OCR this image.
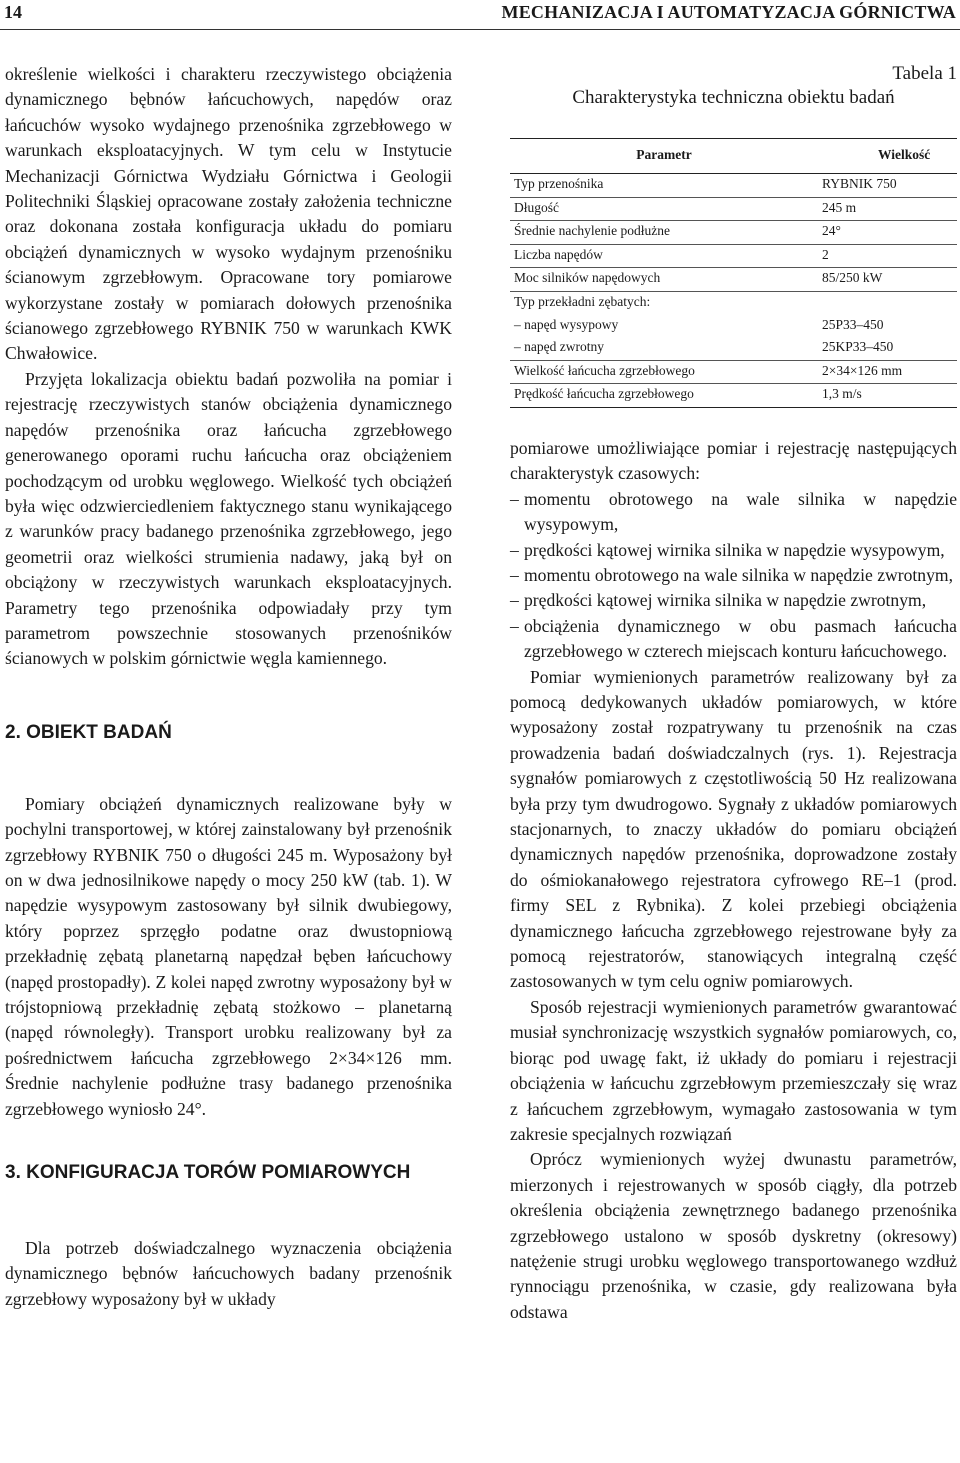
14	MECHANIZACJA I AUTOMATYZACJA GÓRNICTWA

określenie wielkości i charakteru rzeczywistego obciążenia dynamicznego bębnów łańcuchowych, napędów oraz łańcuchów wysoko wydajnego przenośnika zgrzebłowego w warunkach eksploatacyjnych. W tym celu w Instytucie Mechanizacji Górnictwa Wydziału Górnictwa i Geologii Politechniki Śląskiej opracowane zostały założenia techniczne oraz dokonana została konfiguracja układu do pomiaru obciążeń dynamicznych w wysoko wydajnym przenośniku ścianowym zgrzebłowym. Opracowane tory pomiarowe wykorzystane zostały w pomiarach dołowych przenośnika ścianowego zgrzebłowego RYBNIK 750 w warunkach KWK Chwałowice.

Przyjęta lokalizacja obiektu badań pozwoliła na pomiar i rejestrację rzeczywistych stanów obciążenia dynamicznego napędów przenośnika oraz łańcucha zgrzebłowego generowanego oporami ruchu łańcucha oraz obciążeniem pochodzącym od urobku węglowego. Wielkość tych obciążeń była więc odzwierciedleniem faktycznego stanu wynikającego z warunków pracy badanego przenośnika zgrzebłowego, jego geometrii oraz wielkości strumienia nadawy, jaką był on obciążony w rzeczywistych warunkach eksploatacyjnych. Parametry tego przenośnika odpowiadały przy tym parametrom powszechnie stosowanych przenośników ścianowych w polskim górnictwie węgla kamiennego.

2. OBIEKT BADAŃ

Pomiary obciążeń dynamicznych realizowane były w pochylni transportowej, w której zainstalowany był przenośnik zgrzebłowy RYBNIK 750 o długości 245 m. Wyposażony był on w dwa jednosilnikowe napędy o mocy 250 kW (tab. 1). W napędzie wysypowym zastosowany był silnik dwubiegowy, który poprzez sprzęgło podatne oraz dwustopniową przekładnię zębatą planetarną napędzał bęben łańcuchowy (napęd prostopadły). Z kolei napęd zwrotny wyposażony był w trójstopniową przekładnię zębatą stożkowo – planetarną (napęd równoległy). Transport urobku realizowany był za pośrednictwem łańcucha zgrzebłowego 2×34×126 mm. Średnie nachylenie podłużne trasy badanego przenośnika zgrzebłowego wyniosło 24°.

3. KONFIGURACJA TORÓW POMIAROWYCH

Dla potrzeb doświadczalnego wyznaczenia obciążenia dynamicznego bębnów łańcuchowych badany przenośnik zgrzebłowy wyposażony był w układy

Tabela 1
Charakterystyka techniczna obiektu badań
Parametr	Wielkość
Typ przenośnika	RYBNIK 750
Długość	245 m
Średnie nachylenie podłużne	24°
Liczba napędów	2
Moc silników napędowych	85/250 kW
Typ przekładni zębatych:	
– napęd wysypowy	25P33–450
– napęd zwrotny	25KP33–450
Wielkość łańcucha zgrzebłowego	2×34×126 mm
Prędkość łańcucha zgrzebłowego	1,3 m/s

pomiarowe umożliwiające pomiar i rejestrację następujących charakterystyk czasowych:

– momentu obrotowego na wale silnika w napędzie wysypowym,
– prędkości kątowej wirnika silnika w napędzie wysypowym,
– momentu obrotowego na wale silnika w napędzie zwrotnym,
– prędkości kątowej wirnika silnika w napędzie zwrotnym,
– obciążenia dynamicznego w obu pasmach łańcucha zgrzebłowego w czterech miejscach konturu łańcuchowego.

Pomiar wymienionych parametrów realizowany był za pomocą dedykowanych układów pomiarowych, w które wyposażony został rozpatrywany tu przenośnik na czas prowadzenia badań doświadczalnych (rys. 1). Rejestracja sygnałów pomiarowych z częstotliwością 50 Hz realizowana była przy tym dwudrogowo. Sygnały z układów pomiarowych stacjonarnych, to znaczy układów do pomiaru obciążeń dynamicznych napędów przenośnika, doprowadzone zostały do ośmiokanałowego rejestratora cyfrowego RE–1 (prod. firmy SEL z Rybnika). Z kolei przebiegi obciążenia dynamicznego łańcucha zgrzebłowego rejestrowane były za pomocą rejestratorów, stanowiących integralną część zastosowanych w tym celu ogniw pomiarowych.

Sposób rejestracji wymienionych parametrów gwarantować musiał synchronizację wszystkich sygnałów pomiarowych, co, biorąc pod uwagę fakt, iż układy do pomiaru i rejestracji obciążenia w łańcuchu zgrzebłowym przemieszczały się wraz z łańcuchem zgrzebłowym, wymagało zastosowania w tym zakresie specjalnych rozwiązań

Oprócz wymienionych wyżej dwunastu parametrów, mierzonych i rejestrowanych w sposób ciągły, dla potrzeb określenia obciążenia zewnętrznego badanego przenośnika zgrzebłowego ustalono w sposób dyskretny (okresowy) natężenie strugi urobku węglowego transportowanego wzdłuż rynnociągu przenośnika, w czasie, gdy realizowana była odstawa
